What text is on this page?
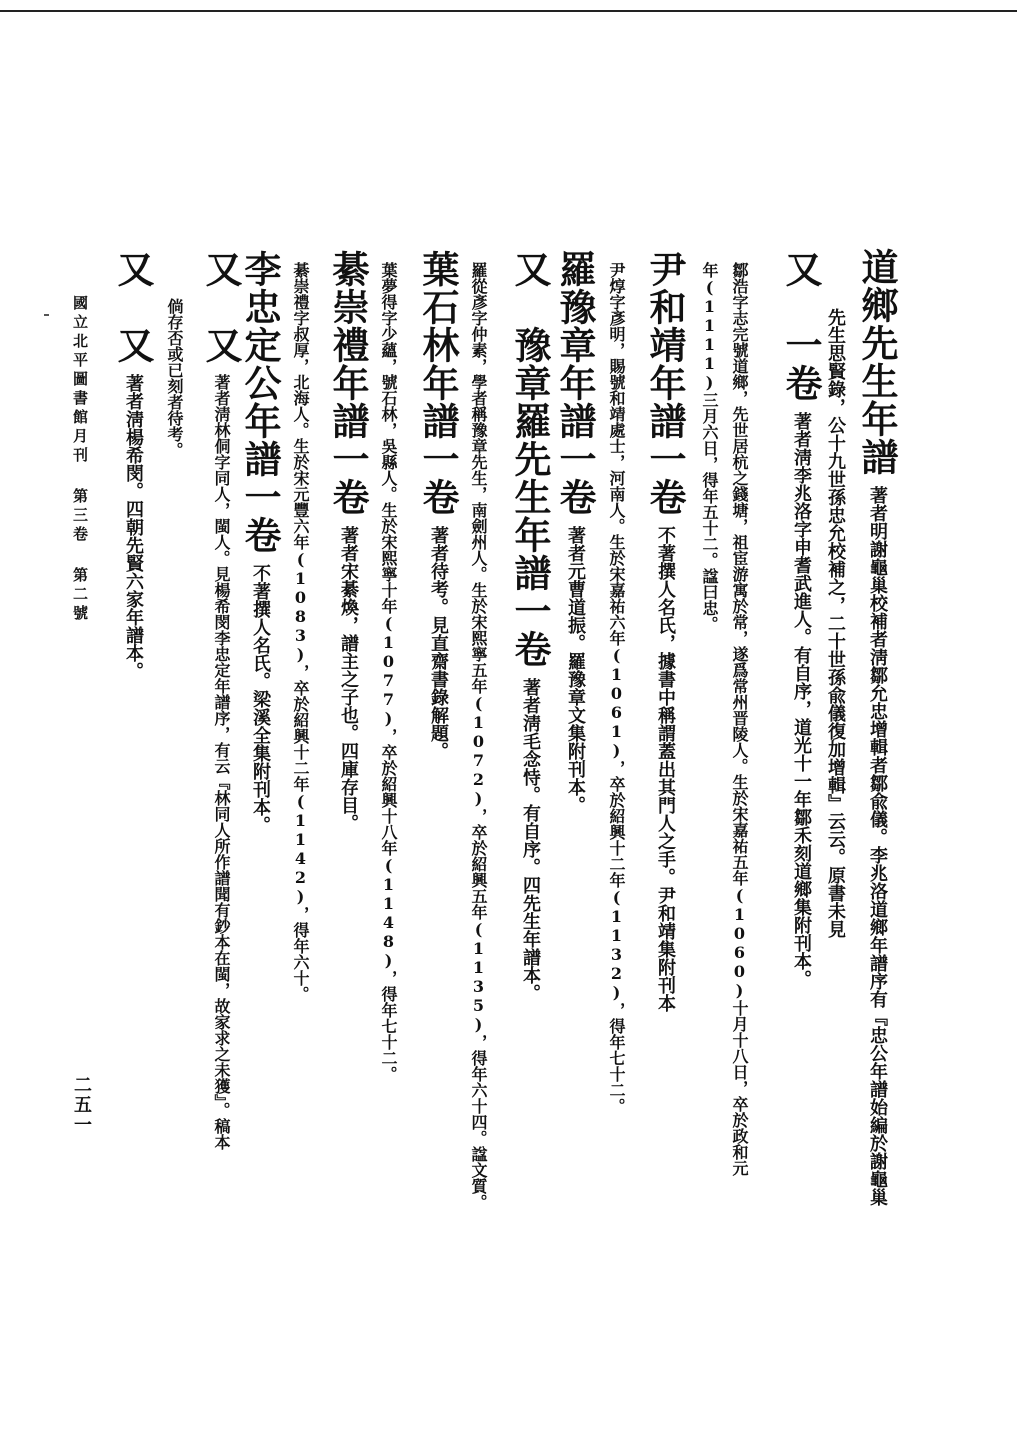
道鄉先生年譜著者明謝龜巢校補者淸鄒允忠增輯者鄒兪儀。李兆洛道鄉年譜序有『忠公年譜始編於謝龜巢
先生思賢錄，公十九世孫忠允校補之，二十世孫兪儀復加增輯』云云。原書未見
又　一卷著者淸李兆洛字申耆武進人。有自序，道光十一年鄒禾刻道鄉集附刊本。
鄒浩字志完號道鄉，先世居杭之錢塘，祖宦游寓於常，遂爲常州晋陵人。生於宋嘉祐五年(1060)十月十八日，卒於政和元
年(1111)三月六日，得年五十二。諡曰忠。
尹和靖年譜一卷不著撰人名氏，據書中稱謂蓋出其門人之手。尹和靖集附刊本
尹焞字彥明，賜號和靖處士，河南人。生於宋嘉祐六年(1061)，卒於紹興十二年(1132)，得年七十二。
羅豫章年譜一卷著者元曹道振。羅豫章文集附刊本。
又　豫章羅先生年譜一卷著者淸毛念恃。有自序。四先生年譜本。
羅從彥字仲素，學者稱豫章先生，南劍州人。生於宋熙寧五年(1072)，卒於紹興五年(1135)，得年六十四。諡文質。
葉石林年譜一卷著者待考。見直齋書錄解題。
葉夢得字少蘊，號石林，吳縣人。生於宋熙寧十年(1077)，卒於紹興十八年(1148)，得年七十二。
綦崇禮年譜一卷著者宋綦煥，譜主之子也。四庫存目。
綦崇禮字叔厚，北海人。生於宋元豐六年(1083)，卒於紹興十二年(1142)，得年六十。
李忠定公年譜一卷不著撰人名氏。梁溪全集附刊本。
又　又著者淸林侗字同人，閩人。見楊希閔李忠定年譜序，有云『林同人所作譜聞有鈔本在閩，故家求之未獲』。稿本
倘存否或已刻者待考。
又　又著者淸楊希閔。四朝先賢六家年譜本。
國立北平圖書館月刊第三卷第二號
二五一
